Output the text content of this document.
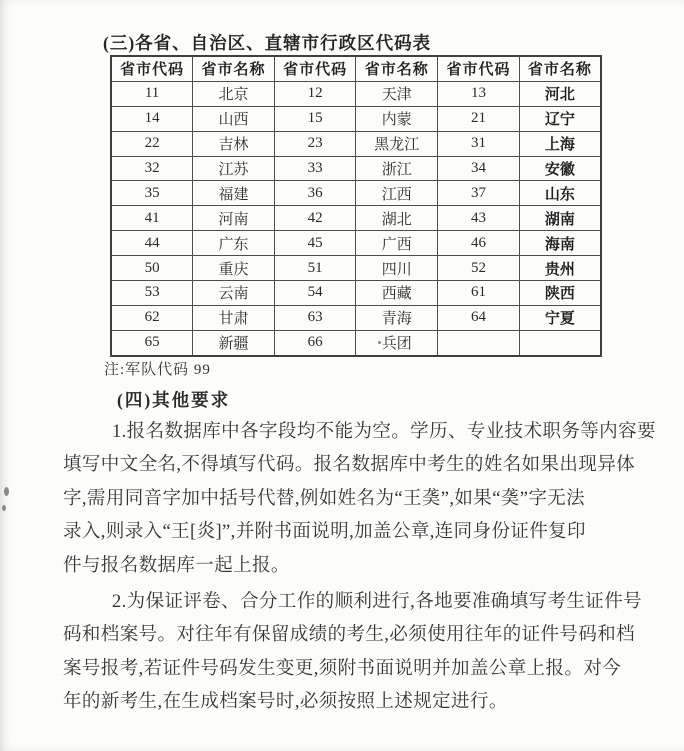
(三)各省、自治区、直辖市行政区代码表
省市代码	省市名称	省市代码	省市名称	省市代码	省市名称
11	北京	12	天津	13	河北
14	山西	15	内蒙	21	辽宁
22	吉林	23	黑龙江	31	上海
32	江苏	33	浙江	34	安徽
35	福建	36	江西	37	山东
41	河南	42	湖北	43	湖南
44	广东	45	广西	46	海南
50	重庆	51	四川	52	贵州
53	云南	54	西藏	61	陕西
62	甘肃	63	青海	64	宁夏
65	新疆	66	兵团		
注:军队代码 99
(四)其他要求
1.报名数据库中各字段均不能为空。学历、专业技术职务等内容要
填写中文全名,不得填写代码。报名数据库中考生的姓名如果出现异体
字,需用同音字加中括号代替,例如姓名为“王䶮”,如果“䶮”字无法
录入,则录入“王[炎]”,并附书面说明,加盖公章,连同身份证件复印
件与报名数据库一起上报。
2.为保证评卷、合分工作的顺利进行,各地要准确填写考生证件号
码和档案号。对往年有保留成绩的考生,必须使用往年的证件号码和档
案号报考,若证件号码发生变更,须附书面说明并加盖公章上报。对今
年的新考生,在生成档案号时,必须按照上述规定进行。
